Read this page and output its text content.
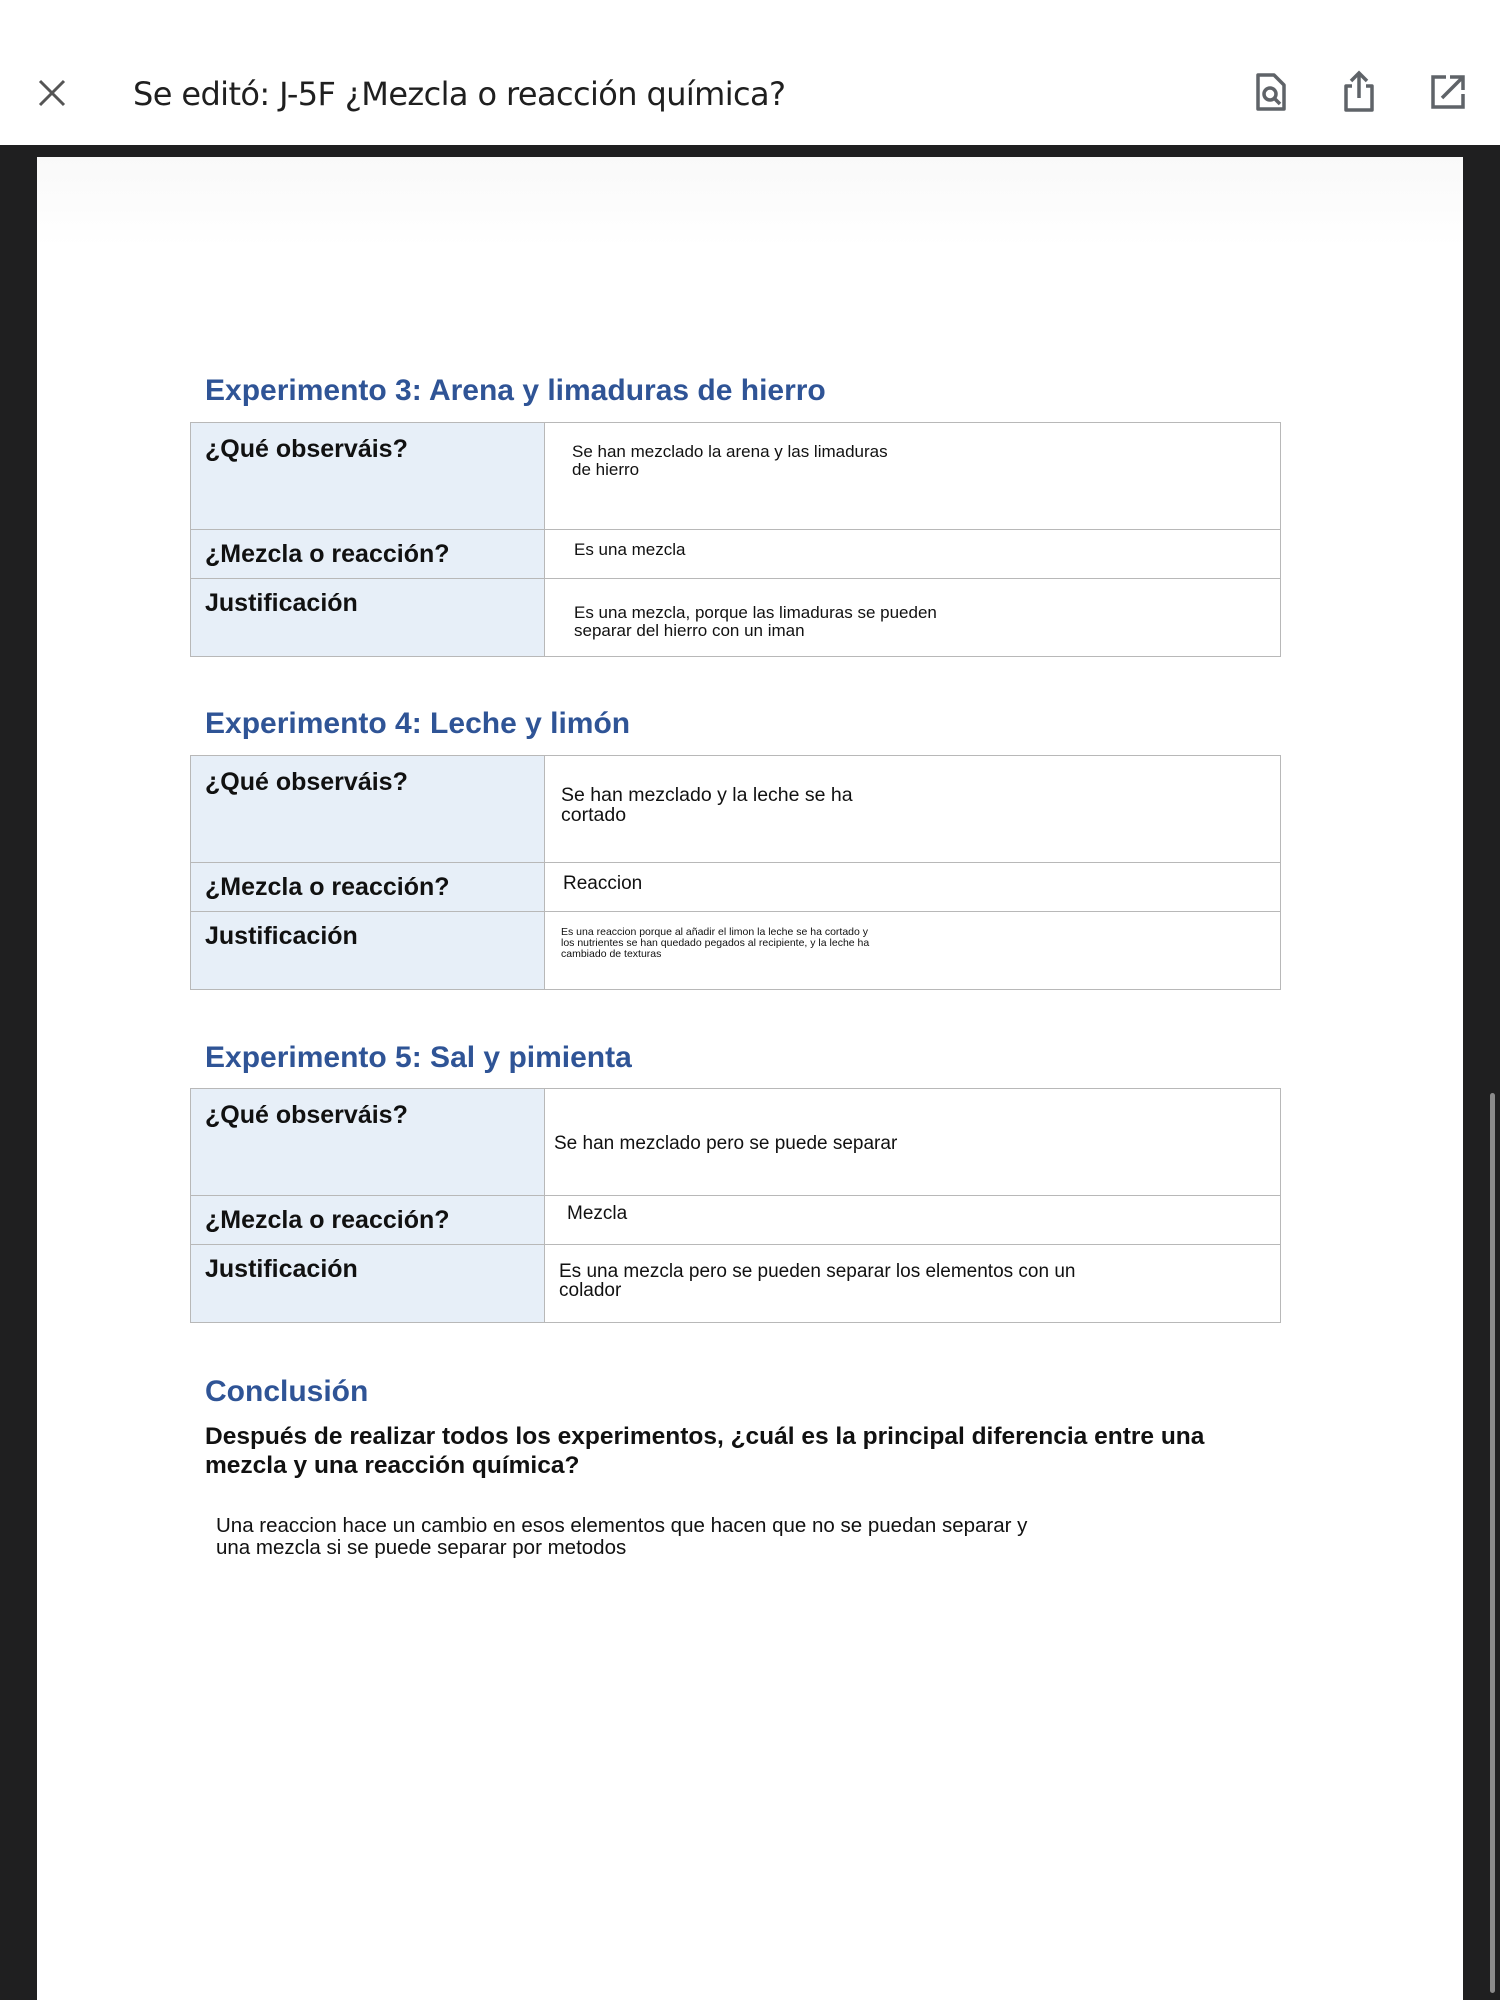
Se editó: J-5F ¿Mezcla o reacción química?
Experimento 3: Arena y limaduras de hierro
¿Qué observáis?	Se han mezclado la arena y las limaduras
de hierro

¿Mezcla o reacción?	Es una mezcla

Justificación	Es una mezcla, porque las limaduras se pueden
separar del hierro con un iman
Experimento 4: Leche y limón
¿Qué observáis?	Se han mezclado y la leche se ha
cortado

¿Mezcla o reacción?	Reaccion

Justificación	Es una reaccion porque al añadir el limon la leche se ha cortado y
los nutrientes se han quedado pegados al recipiente, y la leche ha
cambiado de texturas
Experimento 5: Sal y pimienta
¿Qué observáis?	Se han mezclado pero se puede separar

¿Mezcla o reacción?	Mezcla

Justificación	Es una mezcla pero se pueden separar los elementos con un
colador
Conclusión
Después de realizar todos los experimentos, ¿cuál es la principal diferencia entre una mezcla y una reacción química?
Una reaccion hace un cambio en esos elementos que hacen que no se puedan separar y
una mezcla si se puede separar por metodos
